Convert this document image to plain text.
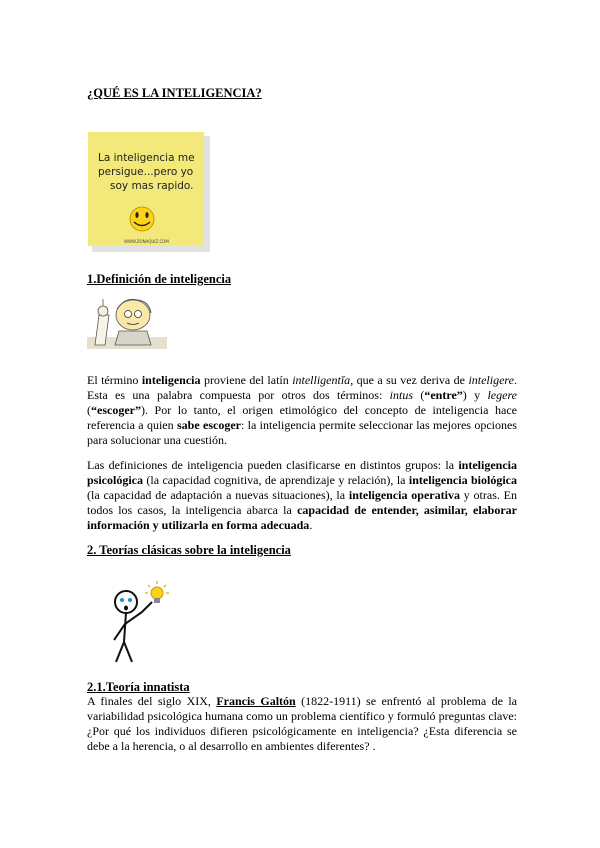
¿QUÉ ES LA INTELIGENCIA?
La inteligencia me
persigue...pero yo
soy mas rapido.
WWW.ZONAQUIZ.COM
1.Definición de inteligencia
El término inteligencia proviene del latín intelligentĭa, que a su vez deriva de inteligere. Esta es una palabra compuesta por otros dos términos: intus (“entre”) y legere (“escoger”). Por lo tanto, el origen etimológico del concepto de inteligencia hace referencia a quien sabe escoger: la inteligencia permite seleccionar las mejores opciones para solucionar una cuestión.
Las definiciones de inteligencia pueden clasificarse en distintos grupos: la inteligencia psicológica (la capacidad cognitiva, de aprendizaje y relación), la inteligencia biológica (la capacidad de adaptación a nuevas situaciones), la inteligencia operativa y otras. En todos los casos, la inteligencia abarca la capacidad de entender, asimilar, elaborar información y utilizarla en forma adecuada.
2. Teorías clásicas sobre la inteligencia
2.1.Teoría innatista
A finales del siglo XIX, Francis Galtón (1822-1911) se enfrentó al problema de la variabilidad psicológica humana como un problema científico y formuló preguntas clave: ¿Por qué los individuos difieren psicológicamente en inteligencia? ¿Esta diferencia se debe a la herencia, o al desarrollo en ambientes diferentes? .
